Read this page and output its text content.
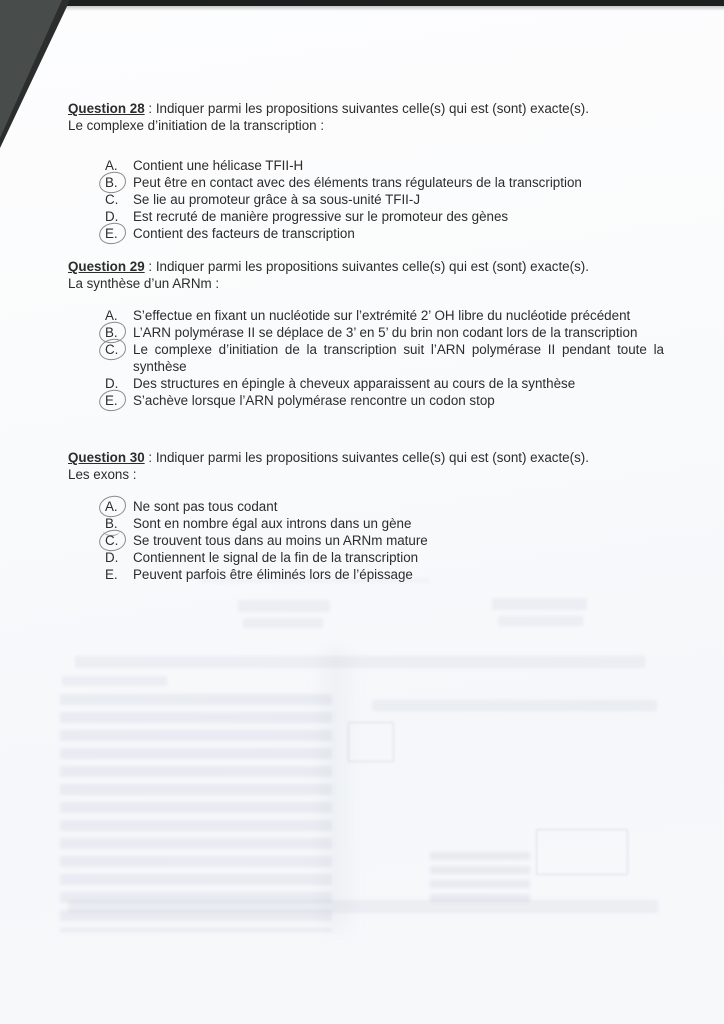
Question 28 : Indiquer parmi les propositions suivantes celle(s) qui est (sont) exacte(s).
Le complexe d’initiation de la transcription :
A.	Contient une hélicase TFII-H
B.	Peut être en contact avec des éléments trans régulateurs de la transcription
C.	Se lie au promoteur grâce à sa sous-unité TFII-J
D.	Est recruté de manière progressive sur le promoteur des gènes
E.	Contient des facteurs de transcription
Question 29 : Indiquer parmi les propositions suivantes celle(s) qui est (sont) exacte(s).
La synthèse d’un ARNm :
A.	S’effectue en fixant un nucléotide sur l’extrémité 2’ OH libre du nucléotide précédent
B.	L’ARN polymérase II se déplace de 3’ en 5’ du brin non codant lors de la transcription
C.	Le complexe d’initiation de la transcription suit l’ARN polymérase II pendant toute la synthèse
D.	Des structures en épingle à cheveux apparaissent au cours de la synthèse
E.	S’achève lorsque l’ARN polymérase rencontre un codon stop
Question 30 : Indiquer parmi les propositions suivantes celle(s) qui est (sont) exacte(s).
Les exons :
A.	Ne sont pas tous codant
B.	Sont en nombre égal aux introns dans un gène
C.	Se trouvent tous dans au moins un ARNm mature
D.	Contiennent le signal de la fin de la transcription
E.	Peuvent parfois être éliminés lors de l’épissage
